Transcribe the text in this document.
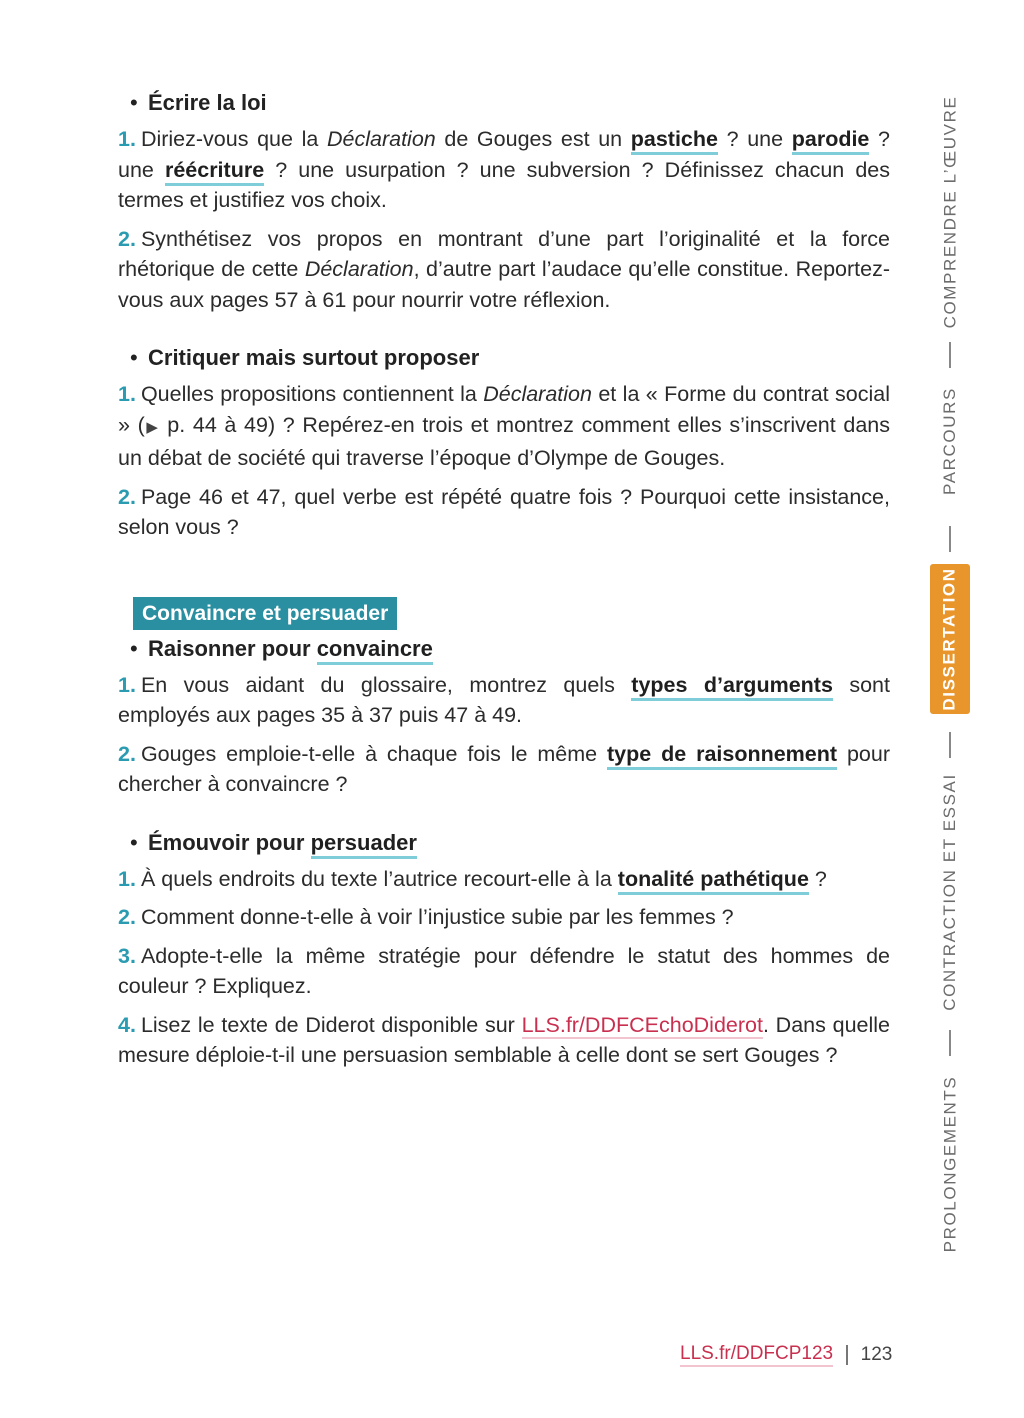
• Écrire la loi

1. Diriez-vous que la Déclaration de Gouges est un pastiche ? une parodie ? une réécriture ? une usurpation ? une subversion ? Définissez chacun des termes et justifiez vos choix.

2. Synthétisez vos propos en montrant d’une part l’originalité et la force rhétorique de cette Déclaration, d’autre part l’audace qu’elle constitue. Reportez-vous aux pages 57 à 61 pour nourrir votre réflexion.

• Critiquer mais surtout proposer

1. Quelles propositions contiennent la Déclaration et la « Forme du contrat social » (▶ p. 44 à 49) ? Repérez-en trois et montrez comment elles s’inscrivent dans un débat de société qui traverse l’époque d’Olympe de Gouges.

2. Page 46 et 47, quel verbe est répété quatre fois ? Pourquoi cette insistance, selon vous ?

Convaincre et persuader
• Raisonner pour convaincre

1. En vous aidant du glossaire, montrez quels types d’arguments sont employés aux pages 35 à 37 puis 47 à 49.

2. Gouges emploie-t-elle à chaque fois le même type de raisonnement pour chercher à convaincre ?

• Émouvoir pour persuader

1. À quels endroits du texte l’autrice recourt-elle à la tonalité pathétique ?

2. Comment donne-t-elle à voir l’injustice subie par les femmes ?

3. Adopte-t-elle la même stratégie pour défendre le statut des hommes de couleur ? Expliquez.

4. Lisez le texte de Diderot disponible sur LLS.fr/DDFCEchoDiderot. Dans quelle mesure déploie-t-il une persuasion semblable à celle dont se sert Gouges ?

COMPRENDRE L’ŒUVRE
PARCOURS
DISSERTATION
CONTRACTION ET ESSAI
PROLONGEMENTS
LLS.fr/DDFCP123 123
